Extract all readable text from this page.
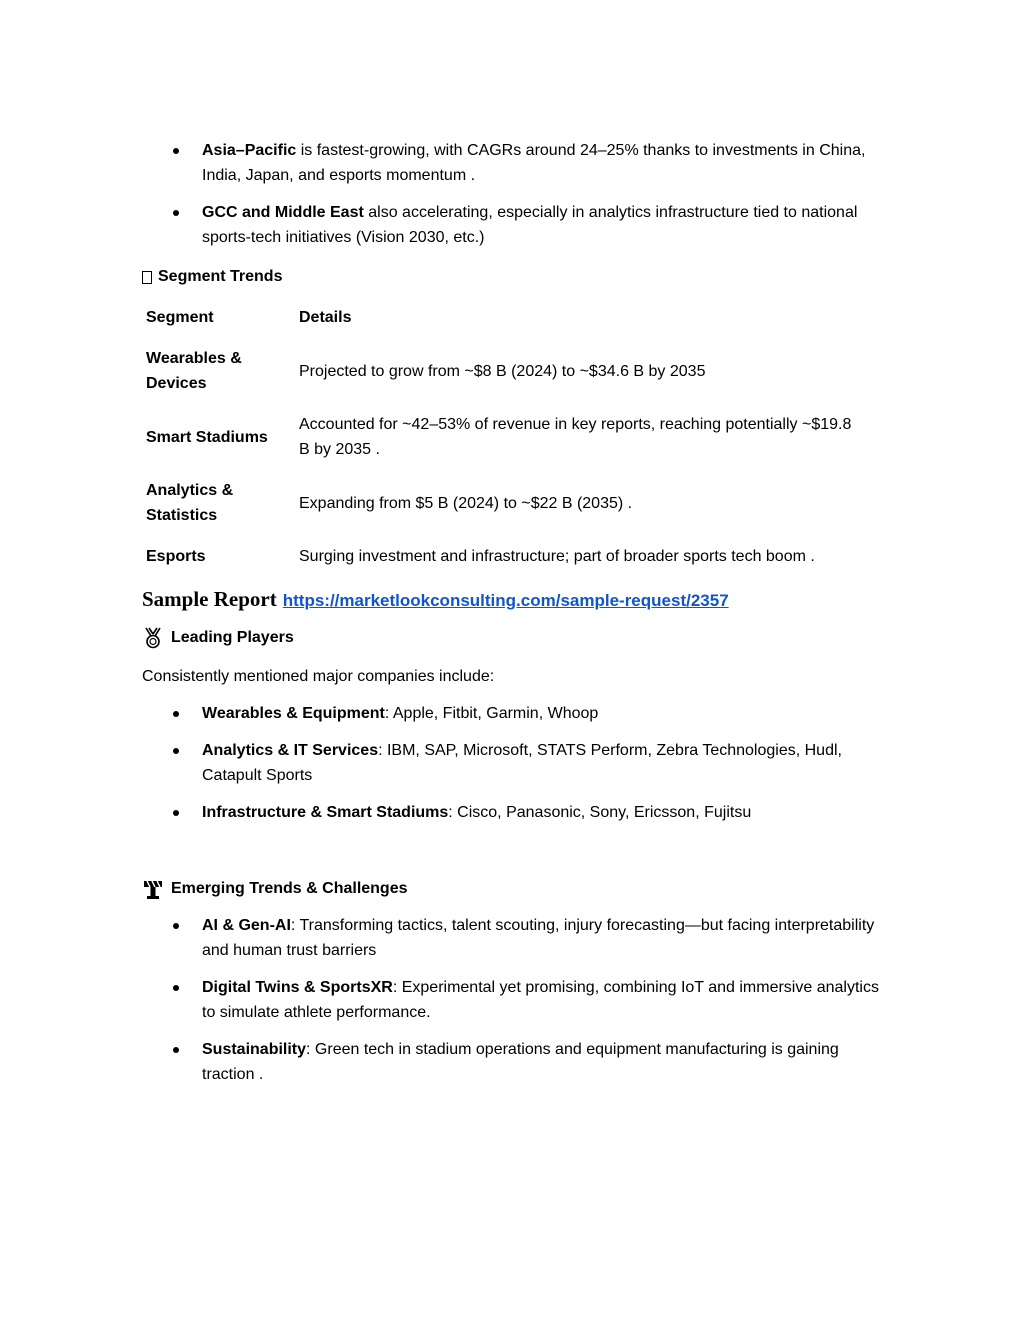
Asia–Pacific is fastest-growing, with CAGRs around 24–25% thanks to investments in China, India, Japan, and esports momentum .
GCC and Middle East also accelerating, especially in analytics infrastructure tied to national sports-tech initiatives (Vision 2030, etc.)
Segment Trends
Segment	Details
Wearables & Devices	Projected to grow from ~$8 B (2024) to ~$34.6 B by 2035
Smart Stadiums	Accounted for ~42–53% of revenue in key reports, reaching potentially ~$19.8 B by 2035 .
Analytics & Statistics	Expanding from $5 B (2024) to ~$22 B (2035) .
Esports	Surging investment and infrastructure; part of broader sports tech boom .
Sample Report https://marketlookconsulting.com/sample-request/2357
Leading Players

Consistently mentioned major companies include:

Wearables & Equipment: Apple, Fitbit, Garmin, Whoop
Analytics & IT Services: IBM, SAP, Microsoft, STATS Perform, Zebra Technologies, Hudl, Catapult Sports
Infrastructure & Smart Stadiums: Cisco, Panasonic, Sony, Ericsson, Fujitsu
Emerging Trends & Challenges
AI & Gen-AI: Transforming tactics, talent scouting, injury forecasting—but facing interpretability and human trust barriers
Digital Twins & SportsXR: Experimental yet promising, combining IoT and immersive analytics to simulate athlete performance.
Sustainability: Green tech in stadium operations and equipment manufacturing is gaining traction .
